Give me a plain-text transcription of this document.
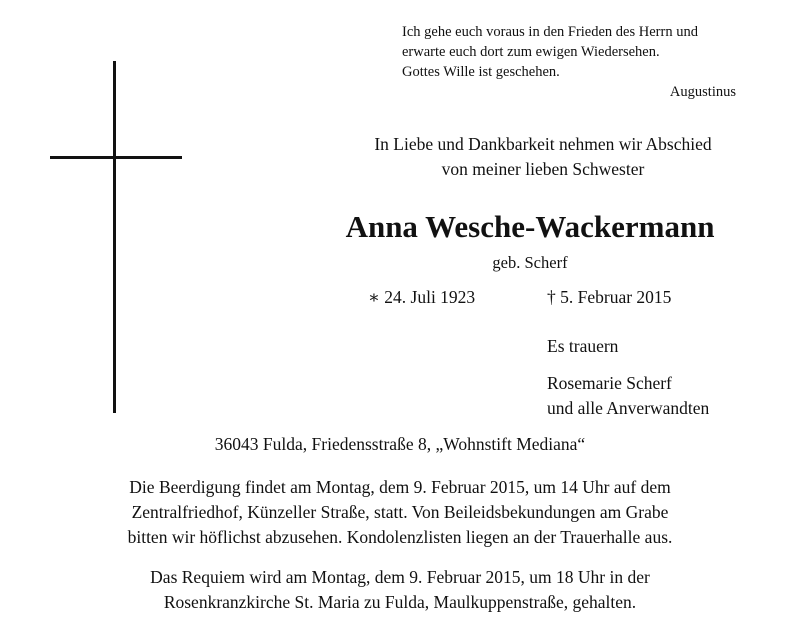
Ich gehe euch voraus in den Frieden des Herrn und
erwarte euch dort zum ewigen Wiedersehen.
Gottes Wille ist geschehen.
Augustinus
In Liebe und Dankbarkeit nehmen wir Abschied
von meiner lieben Schwester
Anna Wesche-Wackermann
geb. Scherf
∗ 24. Juli 1923	† 5. Februar 2015
Es trauern
Rosemarie Scherf
und alle Anverwandten
36043 Fulda, Friedensstraße 8, „Wohnstift Mediana“
Die Beerdigung findet am Montag, dem 9. Februar 2015, um 14 Uhr auf dem
Zentralfriedhof, Künzeller Straße, statt. Von Beileidsbekundungen am Grabe
bitten wir höflichst abzusehen. Kondolenzlisten liegen an der Trauerhalle aus.
Das Requiem wird am Montag, dem 9. Februar 2015, um 18 Uhr in der
Rosenkranzkirche St. Maria zu Fulda, Maulkuppenstraße, gehalten.
